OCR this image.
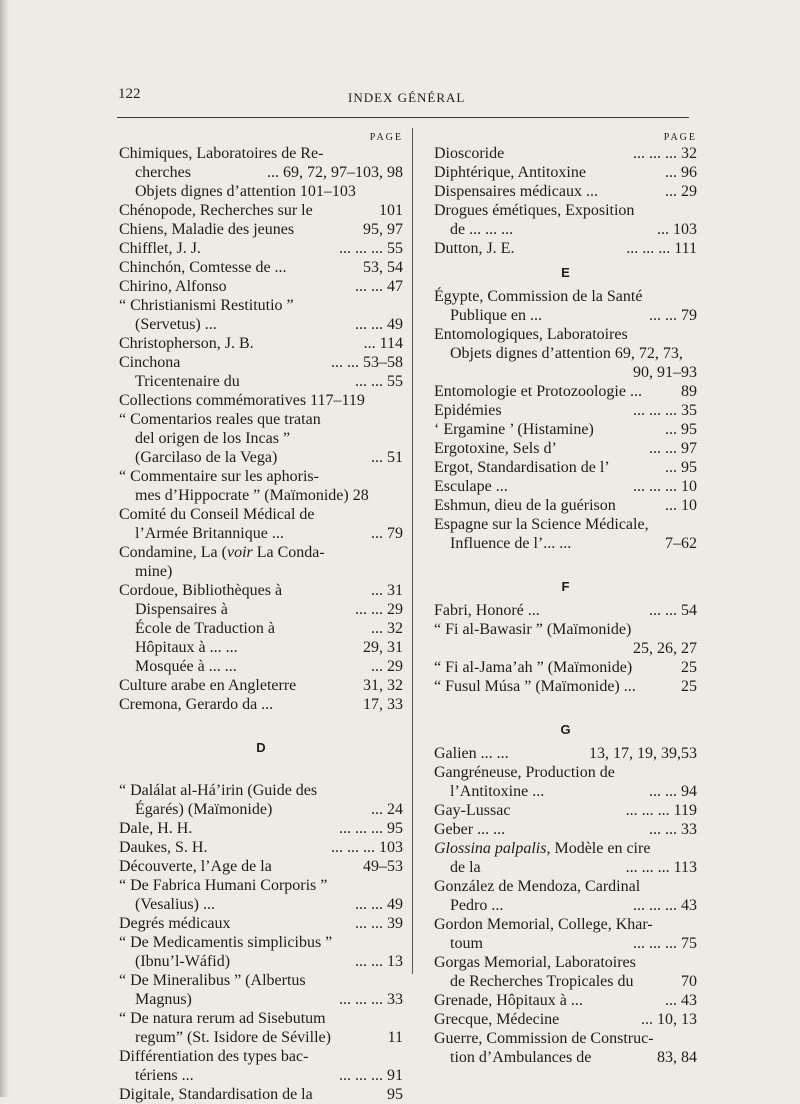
122	INDEX GÉNÉRAL
PAGE
Chimiques, Laboratoires de Re-
cherches	... 69, 72, 97–103, 98
Objets dignes d’attention 101–103
Chénopode, Recherches sur le	101
Chiens, Maladie des jeunes	95, 97
Chifflet, J. J.	... ... ... 55
Chinchón, Comtesse de ...	53, 54
Chirino, Alfonso	... ... 47
“ Christianismi Restitutio ”
(Servetus) ...	... ... 49
Christopherson, J. B.	... 114
Cinchona	... ... 53–58
Tricentenaire du	... ... 55
Collections commémoratives 117–119
“ Comentarios reales que tratan
del origen de los Incas ”
(Garcilaso de la Vega)	... 51
“ Commentaire sur les aphoris-
mes d’Hippocrate ” (Maïmonide) 28
Comité du Conseil Médical de
l’Armée Britannique ...	... 79
Condamine, La (voir La Conda-
mine)
Cordoue, Bibliothèques à	... 31
Dispensaires à	... ... 29
École de Traduction à	... 32
Hôpitaux à ... ...	29, 31
Mosquée à ... ...	... 29
Culture arabe en Angleterre	31, 32
Cremona, Gerardo da ...	17, 33
D
“ Dalálat al-Há’irin (Guide des
Égarés) (Maïmonide)	... 24
Dale, H. H.	... ... ... 95
Daukes, S. H.	... ... ... 103
Découverte, l’Age de la	49–53
“ De Fabrica Humani Corporis ”
(Vesalius) ...	... ... 49
Degrés médicaux	... ... 39
“ De Medicamentis simplicibus ”
(Ibnu’l-Wáfid)	... ... 13
“ De Mineralibus ” (Albertus
Magnus)	... ... ... 33
“ De natura rerum ad Sisebutum
regum” (St. Isidore de Séville)	11
Différentiation des types bac-
tériens ...	... ... ... 91
Digitale, Standardisation de la	95
PAGE
Dioscoride	... ... ... 32
Diphtérique, Antitoxine	... 96
Dispensaires médicaux ...	... 29
Drogues émétiques, Exposition
de ... ... ...	... 103
Dutton, J. E.	... ... ... 111
E
Égypte, Commission de la Santé
Publique en ...	... ... 79
Entomologiques, Laboratoires
Objets dignes d’attention 69, 72, 73,
90, 91–93
Entomologie et Protozoologie ... 89
Epidémies	... ... ... 35
‘ Ergamine ’ (Histamine)	... 95
Ergotoxine, Sels d’	... ... 97
Ergot, Standardisation de l’	... 95
Esculape ...	... ... ... 10
Eshmun, dieu de la guérison	... 10
Espagne sur la Science Médicale,
Influence de l’... ...	7–62
F
Fabri, Honoré ...	... ... 54
“ Fi al-Bawasir ” (Maïmonide)
25, 26, 27
“ Fi al-Jama’ah ” (Maïmonide)	25
“ Fusul Músa ” (Maïmonide) ...	25
G
Galien ... ...	13, 17, 19, 39,53
Gangréneuse, Production de
l’Antitoxine ...	... ... 94
Gay-Lussac	... ... ... 119
Geber ... ...	... ... 33
Glossina palpalis, Modèle en cire
de la	... ... ... 113
González de Mendoza, Cardinal
Pedro ...	... ... ... 43
Gordon Memorial, College, Khar-
toum	... ... ... 75
Gorgas Memorial, Laboratoires
de Recherches Tropicales du	70
Grenade, Hôpitaux à ...	... 43
Grecque, Médecine	... 10, 13
Guerre, Commission de Construc-
tion d’Ambulances de	83, 84
